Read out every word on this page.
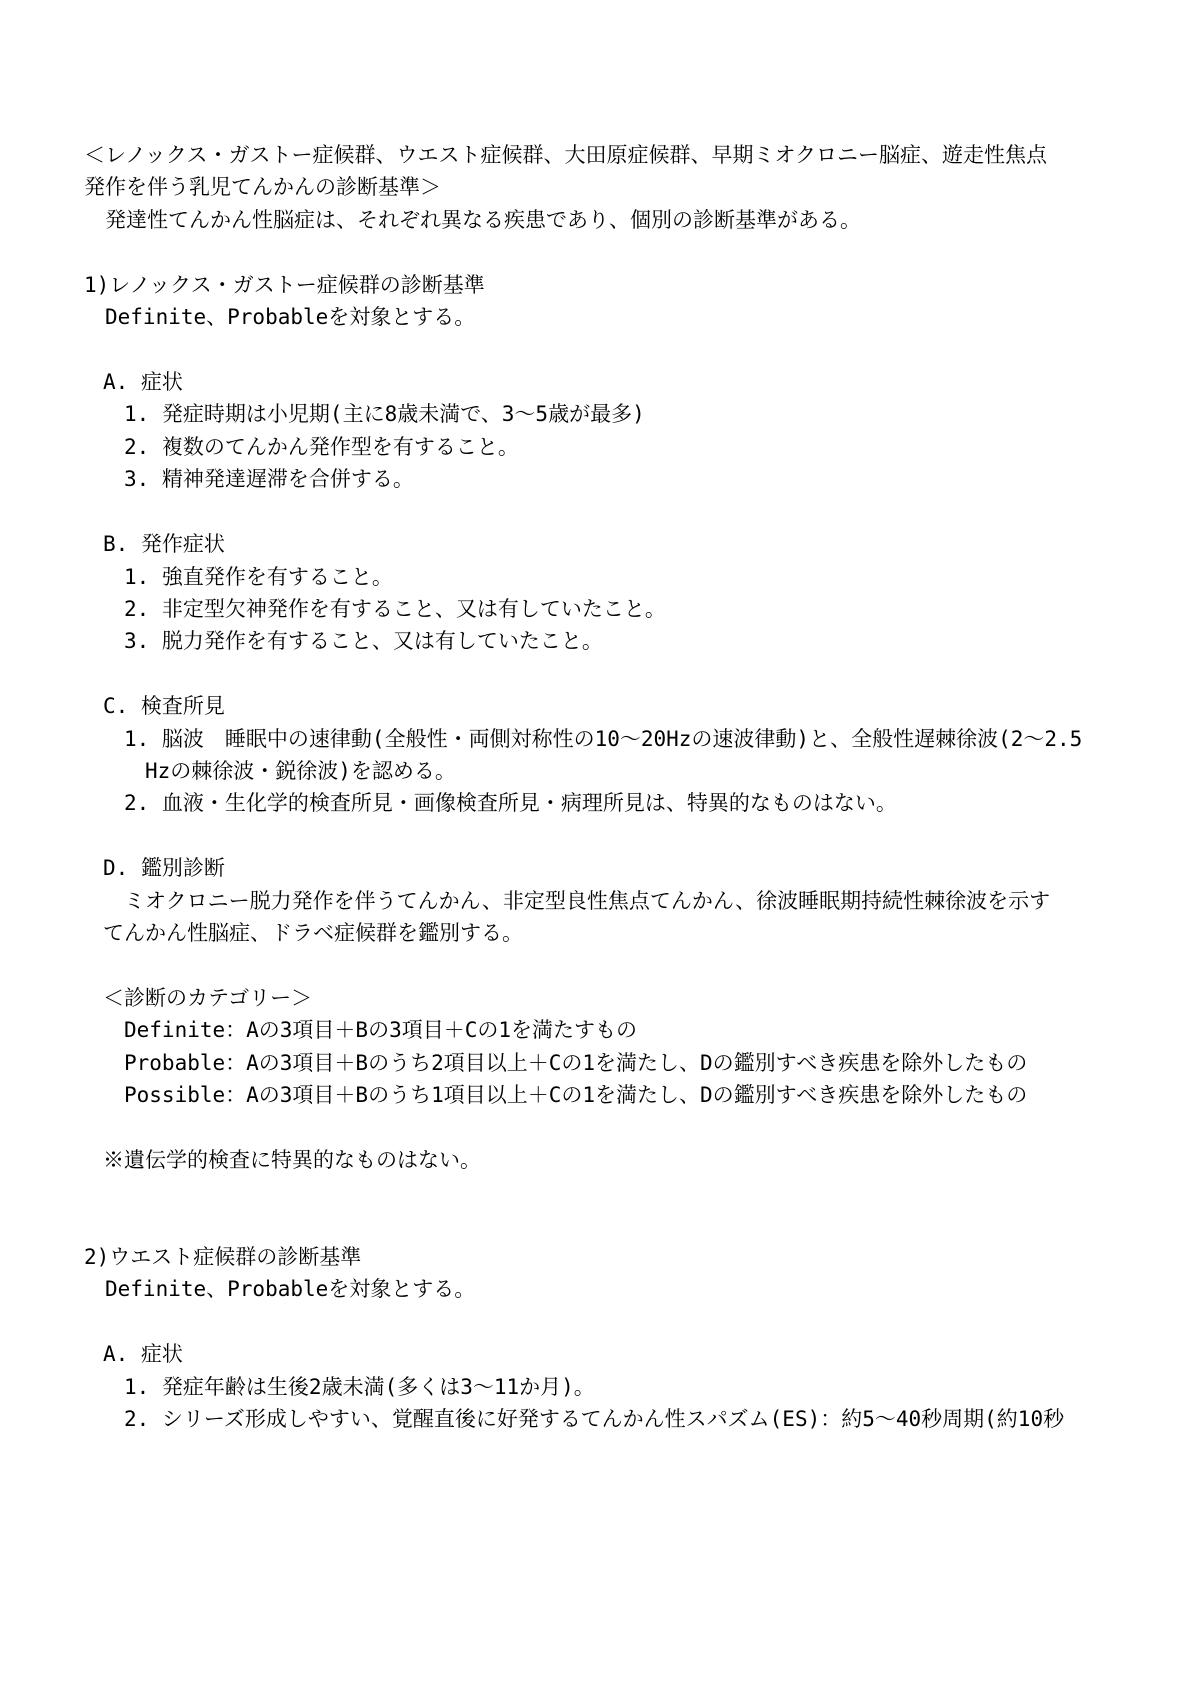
＜レノックス・ガストー症候群、ウエスト症候群、大田原症候群、早期ミオクロニー脳症、遊走性焦点

発作を伴う乳児てんかんの診断基準＞

　発達性てんかん性脳症は、それぞれ異なる疾患であり、個別の診断基準がある。

1)レノックス・ガストー症候群の診断基準

　Definite、Probableを対象とする。

A. 症状

1. 発症時期は小児期(主に8歳未満で、3～5歳が最多)

2. 複数のてんかん発作型を有すること。

3. 精神発達遅滞を合併する。

B. 発作症状

1. 強直発作を有すること。

2. 非定型欠神発作を有すること、又は有していたこと。

3. 脱力発作を有すること、又は有していたこと。

C. 検査所見

1. 脳波　睡眠中の速律動(全般性・両側対称性の10～20Hzの速波律動)と、全般性遅棘徐波(2～2.5

Hzの棘徐波・鋭徐波)を認める。

2. 血液・生化学的検査所見・画像検査所見・病理所見は、特異的なものはない。

D. 鑑別診断

ミオクロニー脱力発作を伴うてんかん、非定型良性焦点てんかん、徐波睡眠期持続性棘徐波を示す

てんかん性脳症、ドラベ症候群を鑑別する。

＜診断のカテゴリー＞

Definite：Aの3項目＋Bの3項目＋Cの1を満たすもの

Probable：Aの3項目＋Bのうち2項目以上＋Cの1を満たし、Dの鑑別すべき疾患を除外したもの

Possible：Aの3項目＋Bのうち1項目以上＋Cの1を満たし、Dの鑑別すべき疾患を除外したもの

※遺伝学的検査に特異的なものはない。

2)ウエスト症候群の診断基準

　Definite、Probableを対象とする。

A. 症状

1. 発症年齢は生後2歳未満(多くは3～11か月)。

2. シリーズ形成しやすい、覚醒直後に好発するてんかん性スパズム(ES)：約5～40秒周期(約10秒
